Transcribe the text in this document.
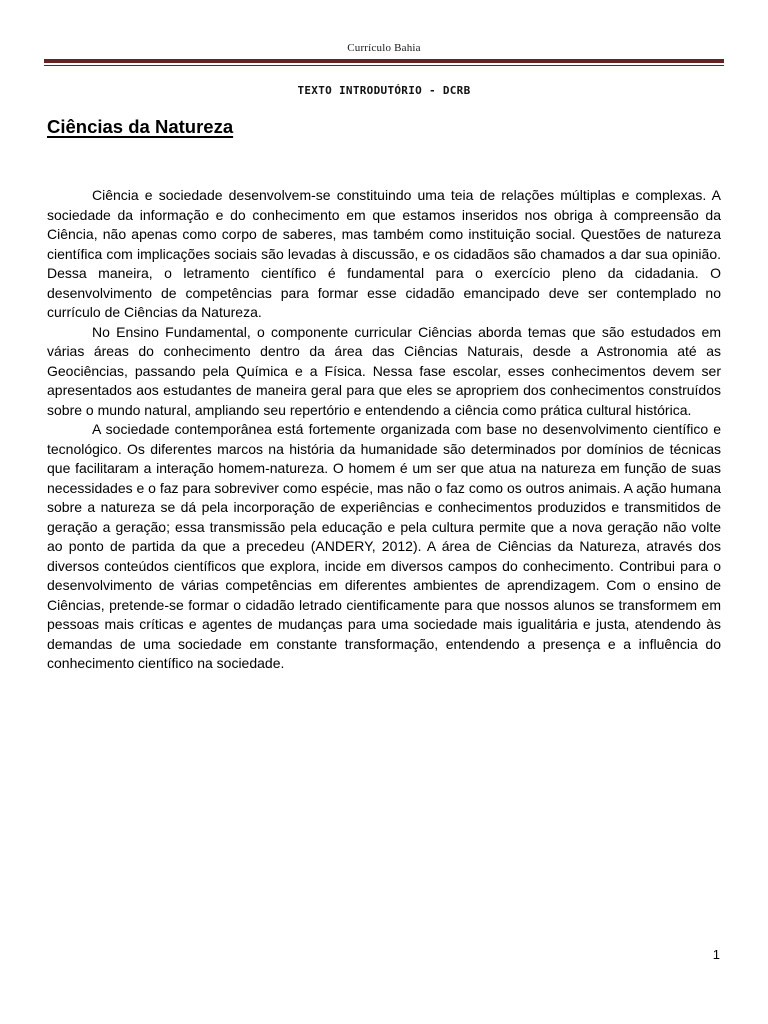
Currículo Bahia
TEXTO INTRODUTÓRIO - DCRB
Ciências da Natureza

Ciência e sociedade desenvolvem-se constituindo uma teia de relações múltiplas e complexas. A sociedade da informação e do conhecimento em que estamos inseridos nos obriga à compreensão da Ciência, não apenas como corpo de saberes, mas também como instituição social. Questões de natureza científica com implicações sociais são levadas à discussão, e os cidadãos são chamados a dar sua opinião. Dessa maneira, o letramento científico é fundamental para o exercício pleno da cidadania. O desenvolvimento de competências para formar esse cidadão emancipado deve ser contemplado no currículo de Ciências da Natureza.

No Ensino Fundamental, o componente curricular Ciências aborda temas que são estudados em várias áreas do conhecimento dentro da área das Ciências Naturais, desde a Astronomia até as Geociências, passando pela Química e a Física. Nessa fase escolar, esses conhecimentos devem ser apresentados aos estudantes de maneira geral para que eles se apropriem dos conhecimentos construídos sobre o mundo natural, ampliando seu repertório e entendendo a ciência como prática cultural histórica.

A sociedade contemporânea está fortemente organizada com base no desenvolvimento científico e tecnológico. Os diferentes marcos na história da humanidade são determinados por domínios de técnicas que facilitaram a interação homem-natureza. O homem é um ser que atua na natureza em função de suas necessidades e o faz para sobreviver como espécie, mas não o faz como os outros animais. A ação humana sobre a natureza se dá pela incorporação de experiências e conhecimentos produzidos e transmitidos de geração a geração; essa transmissão pela educação e pela cultura permite que a nova geração não volte ao ponto de partida da que a precedeu (ANDERY, 2012). A área de Ciências da Natureza, através dos diversos conteúdos científicos que explora, incide em diversos campos do conhecimento. Contribui para o desenvolvimento de várias competências em diferentes ambientes de aprendizagem. Com o ensino de Ciências, pretende-se formar o cidadão letrado cientificamente para que nossos alunos se transformem em pessoas mais críticas e agentes de mudanças para uma sociedade mais igualitária e justa, atendendo às demandas de uma sociedade em constante transformação, entendendo a presença e a influência do conhecimento científico na sociedade.

1
